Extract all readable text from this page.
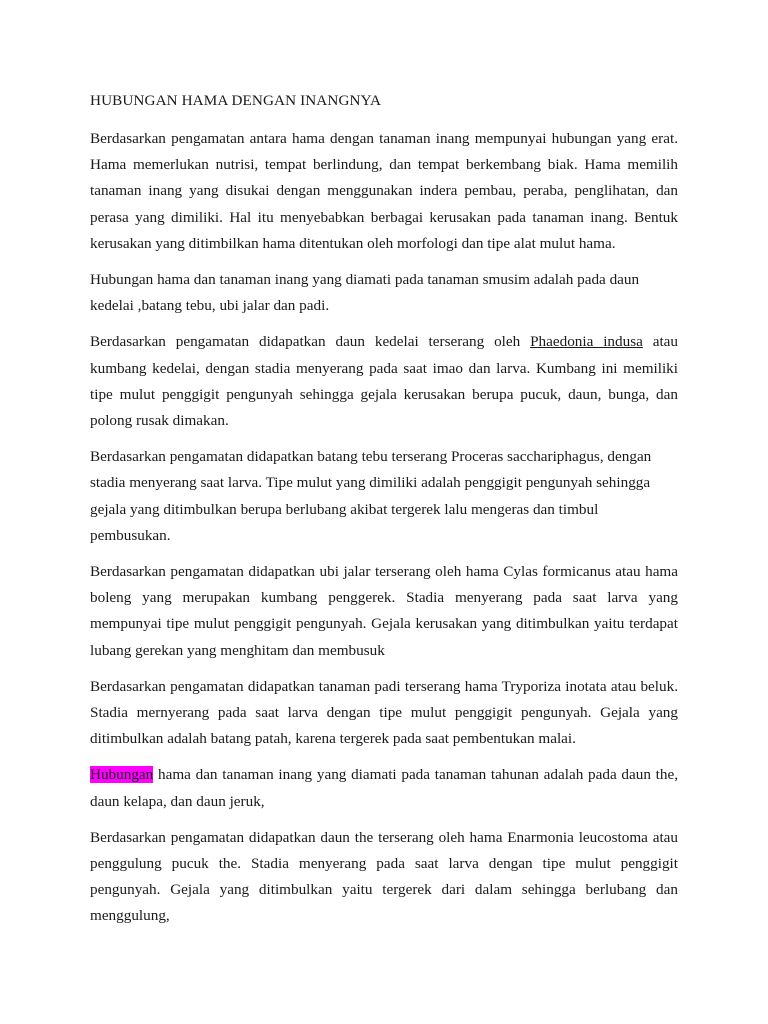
HUBUNGAN HAMA DENGAN INANGNYA

Berdasarkan pengamatan antara hama dengan tanaman inang mempunyai hubungan yang erat. Hama memerlukan nutrisi, tempat berlindung, dan tempat berkembang biak. Hama memilih tanaman inang yang disukai dengan menggunakan indera pembau, peraba, penglihatan, dan perasa yang dimiliki. Hal itu menyebabkan berbagai kerusakan pada tanaman inang. Bentuk kerusakan yang ditimbilkan hama ditentukan oleh morfologi dan tipe alat mulut hama.

Hubungan hama dan tanaman inang yang diamati pada tanaman smusim adalah pada daun kedelai ,batang tebu, ubi jalar dan padi.

Berdasarkan pengamatan didapatkan daun kedelai terserang oleh Phaedonia indusa atau kumbang kedelai, dengan stadia menyerang pada saat imao dan larva. Kumbang ini memiliki tipe mulut penggigit pengunyah sehingga gejala kerusakan berupa pucuk, daun, bunga, dan polong rusak dimakan.

Berdasarkan pengamatan didapatkan batang tebu terserang Proceras sacchariphagus, dengan stadia menyerang saat larva. Tipe mulut yang dimiliki adalah penggigit pengunyah sehingga gejala yang ditimbulkan berupa berlubang akibat tergerek lalu mengeras dan timbul pembusukan.

Berdasarkan pengamatan didapatkan ubi jalar terserang oleh hama Cylas formicanus atau hama boleng yang merupakan kumbang penggerek. Stadia menyerang pada saat larva yang mempunyai tipe mulut penggigit pengunyah. Gejala kerusakan yang ditimbulkan yaitu terdapat lubang gerekan yang menghitam dan membusuk

Berdasarkan pengamatan didapatkan tanaman padi terserang hama Tryporiza inotata atau beluk. Stadia mernyerang pada saat larva dengan tipe mulut penggigit pengunyah. Gejala yang ditimbulkan adalah batang patah, karena tergerek pada saat pembentukan malai.

Hubungan hama dan tanaman inang yang diamati pada tanaman tahunan adalah pada daun the, daun kelapa, dan daun jeruk,

Berdasarkan pengamatan didapatkan daun the terserang oleh hama Enarmonia leucostoma atau penggulung pucuk the. Stadia menyerang pada saat larva dengan tipe mulut penggigit pengunyah. Gejala yang ditimbulkan yaitu tergerek dari dalam sehingga berlubang dan menggulung,
